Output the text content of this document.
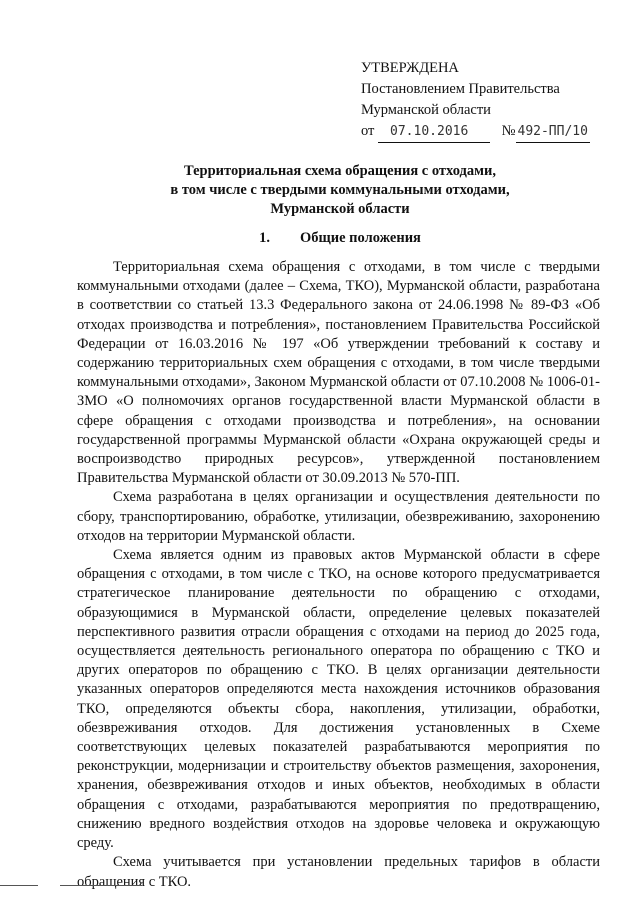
УТВЕРЖДЕНА
Постановлением Правительства
Мурманской области
от 07.10.2016 № 492-ПП/10
Территориальная схема обращения с отходами,
в том числе с твердыми коммунальными отходами,
Мурманской области
1. Общие положения

Территориальная схема обращения с отходами, в том числе с твердыми коммунальными отходами (далее – Схема, ТКО), Мурманской области, разработана в соответствии со статьей 13.3 Федерального закона от 24.06.1998 № 89-ФЗ «Об отходах производства и потребления», постановлением Правительства Российской Федерации от 16.03.2016 № 197 «Об утверждении требований к составу и содержанию территориальных схем обращения с отходами, в том числе твердыми коммунальными отходами», Законом Мурманской области от 07.10.2008 № 1006-01-ЗМО «О полномочиях органов государственной власти Мурманской области в сфере обращения с отходами производства и потребления», на основании государственной программы Мурманской области «Охрана окружающей среды и воспроизводство природных ресурсов», утвержденной постановлением Правительства Мурманской области от 30.09.2013 № 570-ПП.

Схема разработана в целях организации и осуществления деятельности по сбору, транспортированию, обработке, утилизации, обезвреживанию, захоронению отходов на территории Мурманской области.

Схема является одним из правовых актов Мурманской области в сфере обращения с отходами, в том числе с ТКО, на основе которого предусматривается стратегическое планирование деятельности по обращению с отходами, образующимися в Мурманской области, определение целевых показателей перспективного развития отрасли обращения с отходами на период до 2025 года, осуществляется деятельность регионального оператора по обращению с ТКО и других операторов по обращению с ТКО. В целях организации деятельности указанных операторов определяются места нахождения источников образования ТКО, определяются объекты сбора, накопления, утилизации, обработки, обезвреживания отходов. Для достижения установленных в Схеме соответствующих целевых показателей разрабатываются мероприятия по реконструкции, модернизации и строительству объектов размещения, захоронения, хранения, обезвреживания отходов и иных объектов, необходимых в области обращения с отходами, разрабатываются мероприятия по предотвращению, снижению вредного воздействия отходов на здоровье человека и окружающую среду.

Схема учитывается при установлении предельных тарифов в области обращения с ТКО.
